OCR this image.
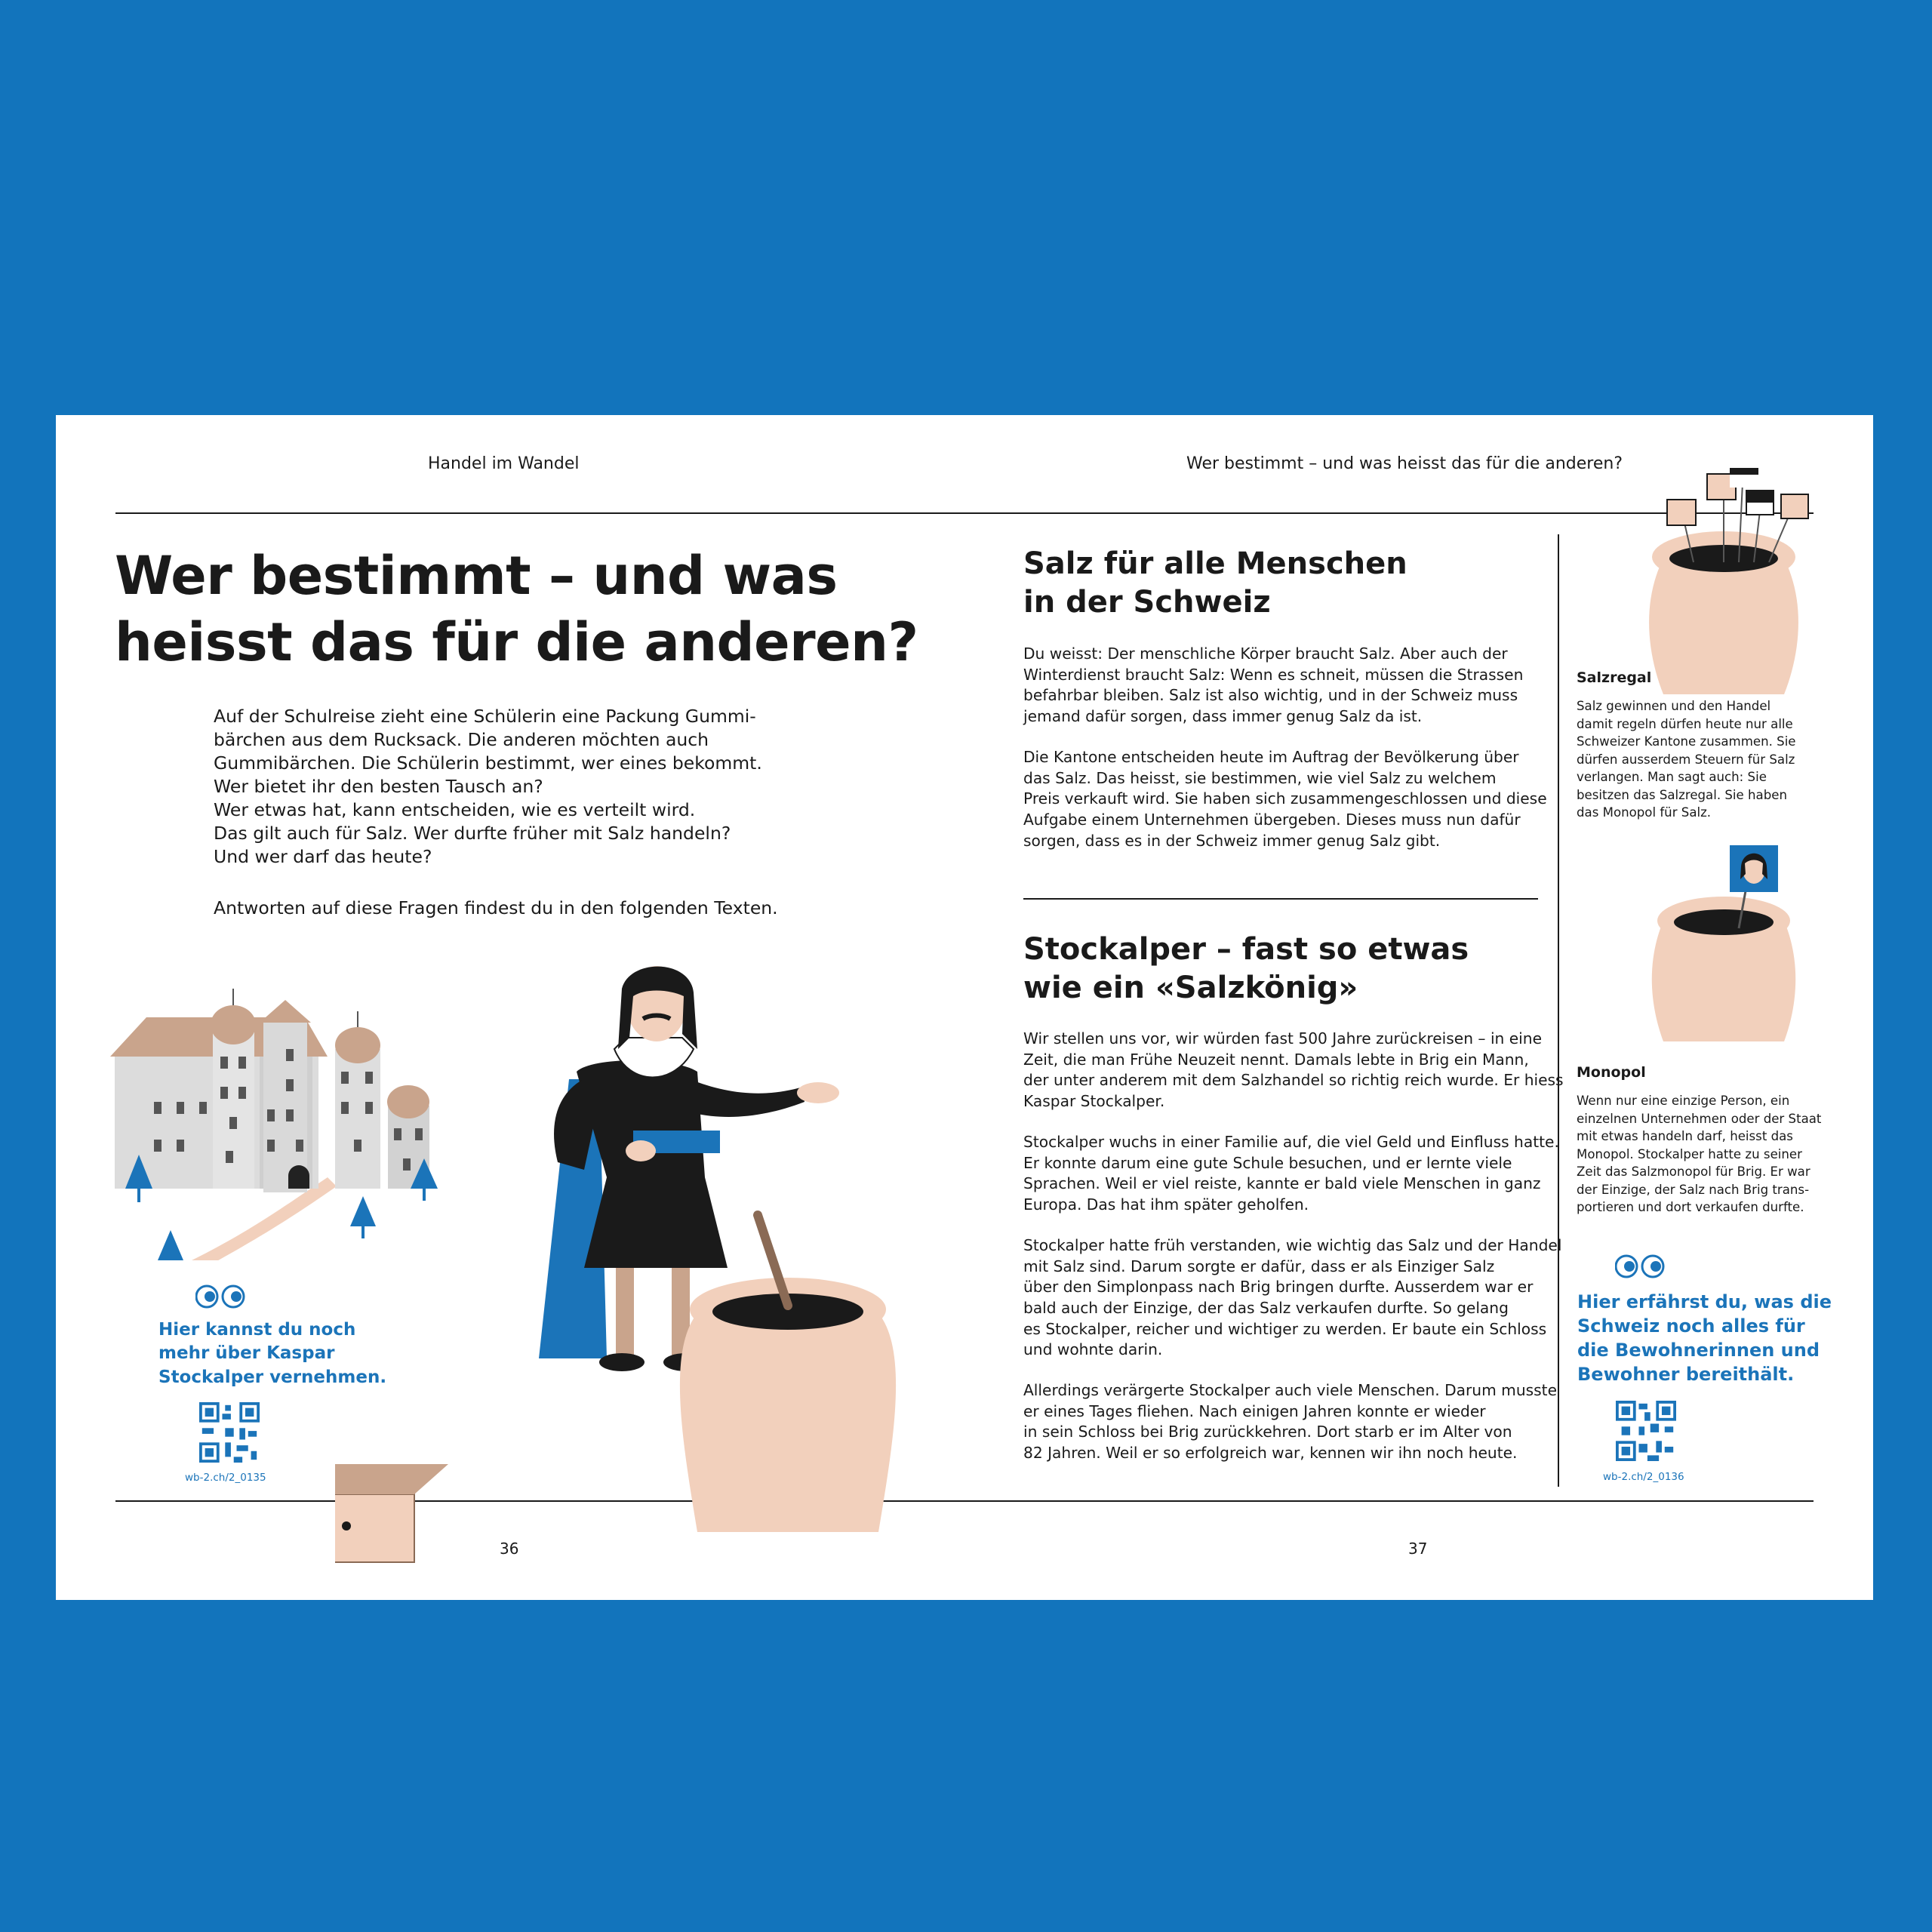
Handel im Wandel	Wer bestimmt – und was heisst das für die anderen?
Wer bestimmt – und was
heisst das für die anderen?
Auf der Schulreise zieht eine Schülerin eine Packung Gummi-
bärchen aus dem Rucksack. Die anderen möchten auch
Gummibärchen. Die Schülerin bestimmt, wer eines bekommt.
Wer bietet ihr den besten Tausch an?
Wer etwas hat, kann entscheiden, wie es verteilt wird.
Das gilt auch für Salz. Wer durfte früher mit Salz handeln?
Und wer darf das heute?
Antworten auf diese Fragen findest du in den folgenden Texten.
Hier kannst du noch
mehr über Kaspar
Stockalper vernehmen.
wb-2.ch/2_0135
36
Salz für alle Menschen
in der Schweiz
Du weisst: Der menschliche Körper braucht Salz. Aber auch der
Winterdienst braucht Salz: Wenn es schneit, müssen die Strassen
befahrbar bleiben. Salz ist also wichtig, und in der Schweiz muss
jemand dafür sorgen, dass immer genug Salz da ist.
Die Kantone entscheiden heute im Auftrag der Bevölkerung über
das Salz. Das heisst, sie bestimmen, wie viel Salz zu welchem
Preis verkauft wird. Sie haben sich zusammengeschlossen und diese
Aufgabe einem Unternehmen übergeben. Dieses muss nun dafür
sorgen, dass es in der Schweiz immer genug Salz gibt.
Stockalper – fast so etwas
wie ein «Salzkönig»
Wir stellen uns vor, wir würden fast 500 Jahre zurückreisen – in eine
Zeit, die man Frühe Neuzeit nennt. Damals lebte in Brig ein Mann,
der unter anderem mit dem Salzhandel so richtig reich wurde. Er hiess
Kaspar Stockalper.
Stockalper wuchs in einer Familie auf, die viel Geld und Einfluss hatte.
Er konnte darum eine gute Schule besuchen, und er lernte viele
Sprachen. Weil er viel reiste, kannte er bald viele Menschen in ganz
Europa. Das hat ihm später geholfen.
Stockalper hatte früh verstanden, wie wichtig das Salz und der Handel
mit Salz sind. Darum sorgte er dafür, dass er als Einziger Salz
über den Simplonpass nach Brig bringen durfte. Ausserdem war er
bald auch der Einzige, der das Salz verkaufen durfte. So gelang
es Stockalper, reicher und wichtiger zu werden. Er baute ein Schloss
und wohnte darin.
Allerdings verärgerte Stockalper auch viele Menschen. Darum musste
er eines Tages fliehen. Nach einigen Jahren konnte er wieder
in sein Schloss bei Brig zurückkehren. Dort starb er im Alter von
82 Jahren. Weil er so erfolgreich war, kennen wir ihn noch heute.
37
Salzregal
Salz gewinnen und den Handel
damit regeln dürfen heute nur alle
Schweizer Kantone zusammen. Sie
dürfen ausserdem Steuern für Salz
verlangen. Man sagt auch: Sie
besitzen das Salzregal. Sie haben
das Monopol für Salz.
Monopol
Wenn nur eine einzige Person, ein
einzelnen Unternehmen oder der Staat
mit etwas handeln darf, heisst das
Monopol. Stockalper hatte zu seiner
Zeit das Salzmonopol für Brig. Er war
der Einzige, der Salz nach Brig trans-
portieren und dort verkaufen durfte.
Hier erfährst du, was die
Schweiz noch alles für
die Bewohnerinnen und
Bewohner bereithält.
wb-2.ch/2_0136
